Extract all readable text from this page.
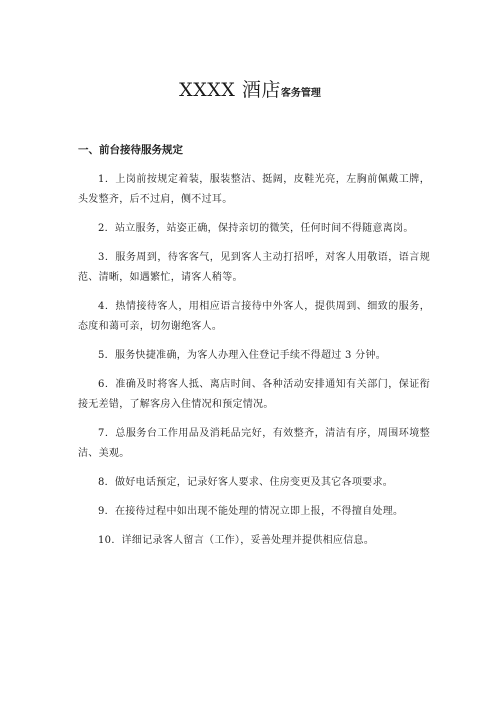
XXXX 酒店客务管理
一、前台接待服务规定
1．上岗前按规定着装，服装整洁、挺阔，皮鞋光亮，左胸前佩戴工牌，头发整齐，后不过肩，侧不过耳。
2．站立服务，站姿正确，保持亲切的微笑，任何时间不得随意离岗。
3．服务周到，待客客气，见到客人主动打招呼，对客人用敬语，语言规范、清晰，如遇繁忙，请客人稍等。
4．热情接待客人，用相应语言接待中外客人，提供周到、细致的服务，态度和蔼可亲，切勿谢绝客人。
5．服务快捷准确，为客人办理入住登记手续不得超过 3 分钟。
6．准确及时将客人抵、离店时间、各种活动安排通知有关部门，保证衔接无差错，了解客房入住情况和预定情况。
7．总服务台工作用品及消耗品完好，有效整齐，清洁有序，周围环境整洁、美观。
8．做好电话预定，记录好客人要求、住房变更及其它各项要求。
9．在接待过程中如出现不能处理的情况立即上报，不得擅自处理。
10．详细记录客人留言（工作），妥善处理并提供相应信息。
